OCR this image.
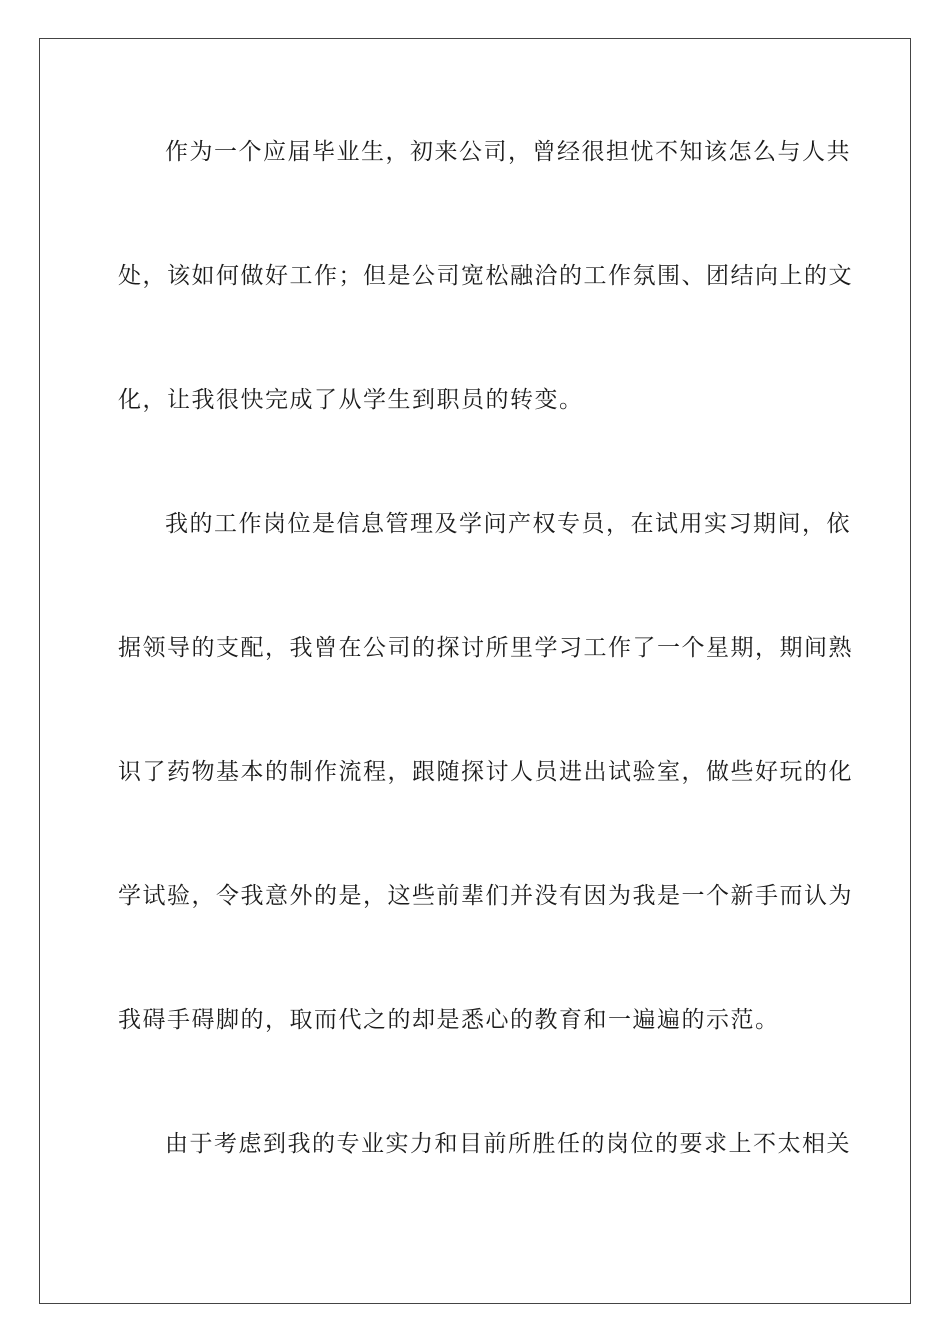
作为一个应届毕业生，初来公司，曾经很担忧不知该怎么与人共
处，该如何做好工作；但是公司宽松融洽的工作氛围、团结向上的文
化，让我很快完成了从学生到职员的转变。
我的工作岗位是信息管理及学问产权专员，在试用实习期间，依
据领导的支配，我曾在公司的探讨所里学习工作了一个星期，期间熟
识了药物基本的制作流程，跟随探讨人员进出试验室，做些好玩的化
学试验，令我意外的是，这些前辈们并没有因为我是一个新手而认为
我碍手碍脚的，取而代之的却是悉心的教育和一遍遍的示范。
由于考虑到我的专业实力和目前所胜任的岗位的要求上不太相关
